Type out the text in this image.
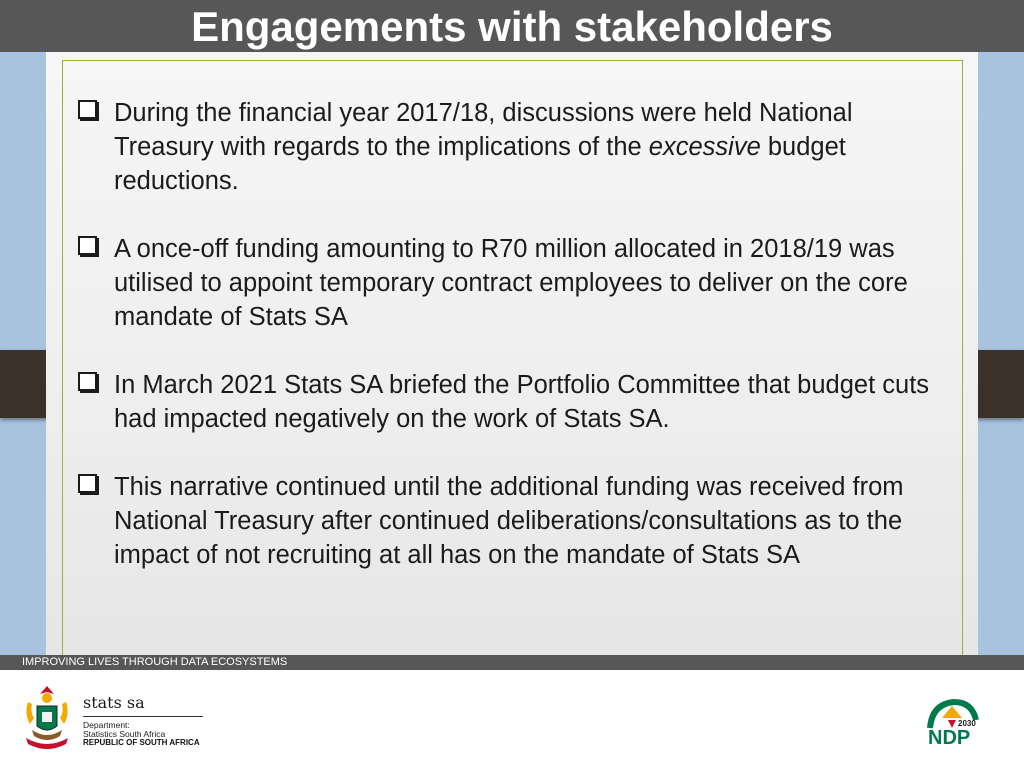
Engagements with stakeholders
During the financial year 2017/18, discussions were held National Treasury with regards to the implications of the excessive budget reductions.
A once-off funding amounting to R70 million allocated in 2018/19 was utilised to appoint temporary contract employees to deliver on the core mandate of Stats SA
In March 2021 Stats SA briefed the Portfolio Committee that budget cuts had impacted negatively on the work of Stats SA.
This narrative continued until the additional funding was received from National Treasury after continued deliberations/consultations as to the impact of not recruiting at all has on the mandate of Stats SA
IMPROVING LIVES THROUGH DATA ECOSYSTEMS
stats sa
Department:
Statistics South Africa
REPUBLIC OF SOUTH AFRICA
2030
NDP
